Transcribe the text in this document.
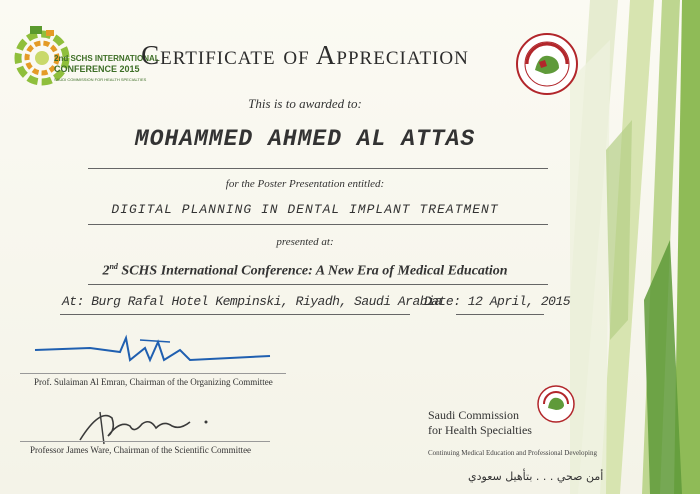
2nd SCHS INTERNATIONAL
CONFERENCE 2015
SAUDI COMMISSION FOR HEALTH SPECIALTIES
Certificate of Appreciation
This is to awarded to:
MOHAMMED AHMED AL ATTAS
for the Poster Presentation entitled:
DIGITAL PLANNING IN DENTAL IMPLANT TREATMENT
presented at:
2nd SCHS International Conference: A New Era of Medical Education
At: Burg Rafal Hotel Kempinski, Riyadh, Saudi Arabia
Date: 12 April, 2015
Prof. Sulaiman Al Emran, Chairman of the Organizing Committee
Professor James Ware, Chairman of the Scientific Committee
Saudi Commission
for Health Specialties
Continuing Medical Education and Professional Developing
أمن صحي . . . بتأهيل سعودي
